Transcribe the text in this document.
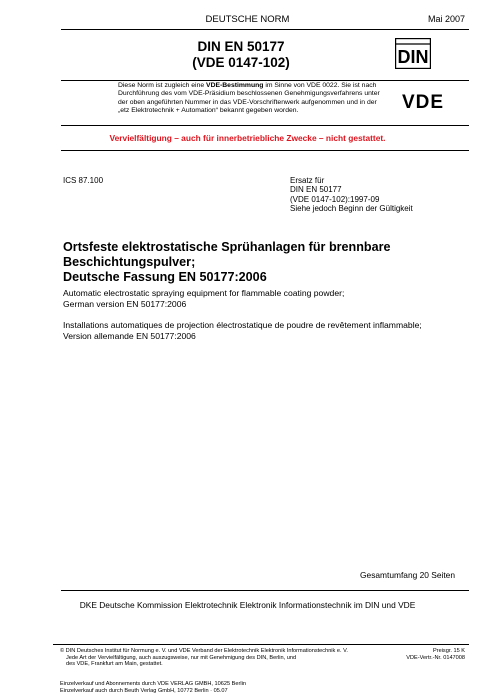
DEUTSCHE NORM	Mai 2007
DIN EN 50177
(VDE 0147-102)	DIN
Diese Norm ist zugleich eine VDE-Bestimmung im Sinne von VDE 0022. Sie ist nach Durchführung des vom VDE-Präsidium beschlossenen Genehmigungsverfahrens unter der oben angeführten Nummer in das VDE-Vorschriftenwerk aufgenommen und in der „etz Elektrotechnik + Automation“ bekannt gegeben worden.	VDE
Vervielfältigung – auch für innerbetriebliche Zwecke – nicht gestattet.
ICS 87.100	Ersatz für
DIN EN 50177
(VDE 0147-102):1997-09
Siehe jedoch Beginn der Gültigkeit
Ortsfeste elektrostatische Sprühanlagen für brennbare
Beschichtungspulver;
Deutsche Fassung EN 50177:2006
Automatic electrostatic spraying equipment for flammable coating powder;
German version EN 50177:2006
Installations automatiques de projection électrostatique de poudre de revêtement inflammable;
Version allemande EN 50177:2006
Gesamtumfang 20 Seiten
DKE Deutsche Kommission Elektrotechnik Elektronik Informationstechnik im DIN und VDE
© DIN Deutsches Institut für Normung e. V. und VDE Verband der Elektrotechnik Elektronik Informationstechnik e. V.
Jede Art der Vervielfältigung, auch auszugsweise, nur mit Genehmigung des DIN, Berlin, und
des VDE, Frankfurt am Main, gestattet.
Einzelverkauf und Abonnements durch VDE VERLAG GMBH, 10625 Berlin
Einzelverkauf auch durch Beuth Verlag GmbH, 10772 Berlin · 05.07
Preisgr. 15 K
VDE-Vertr.-Nr. 0147008
